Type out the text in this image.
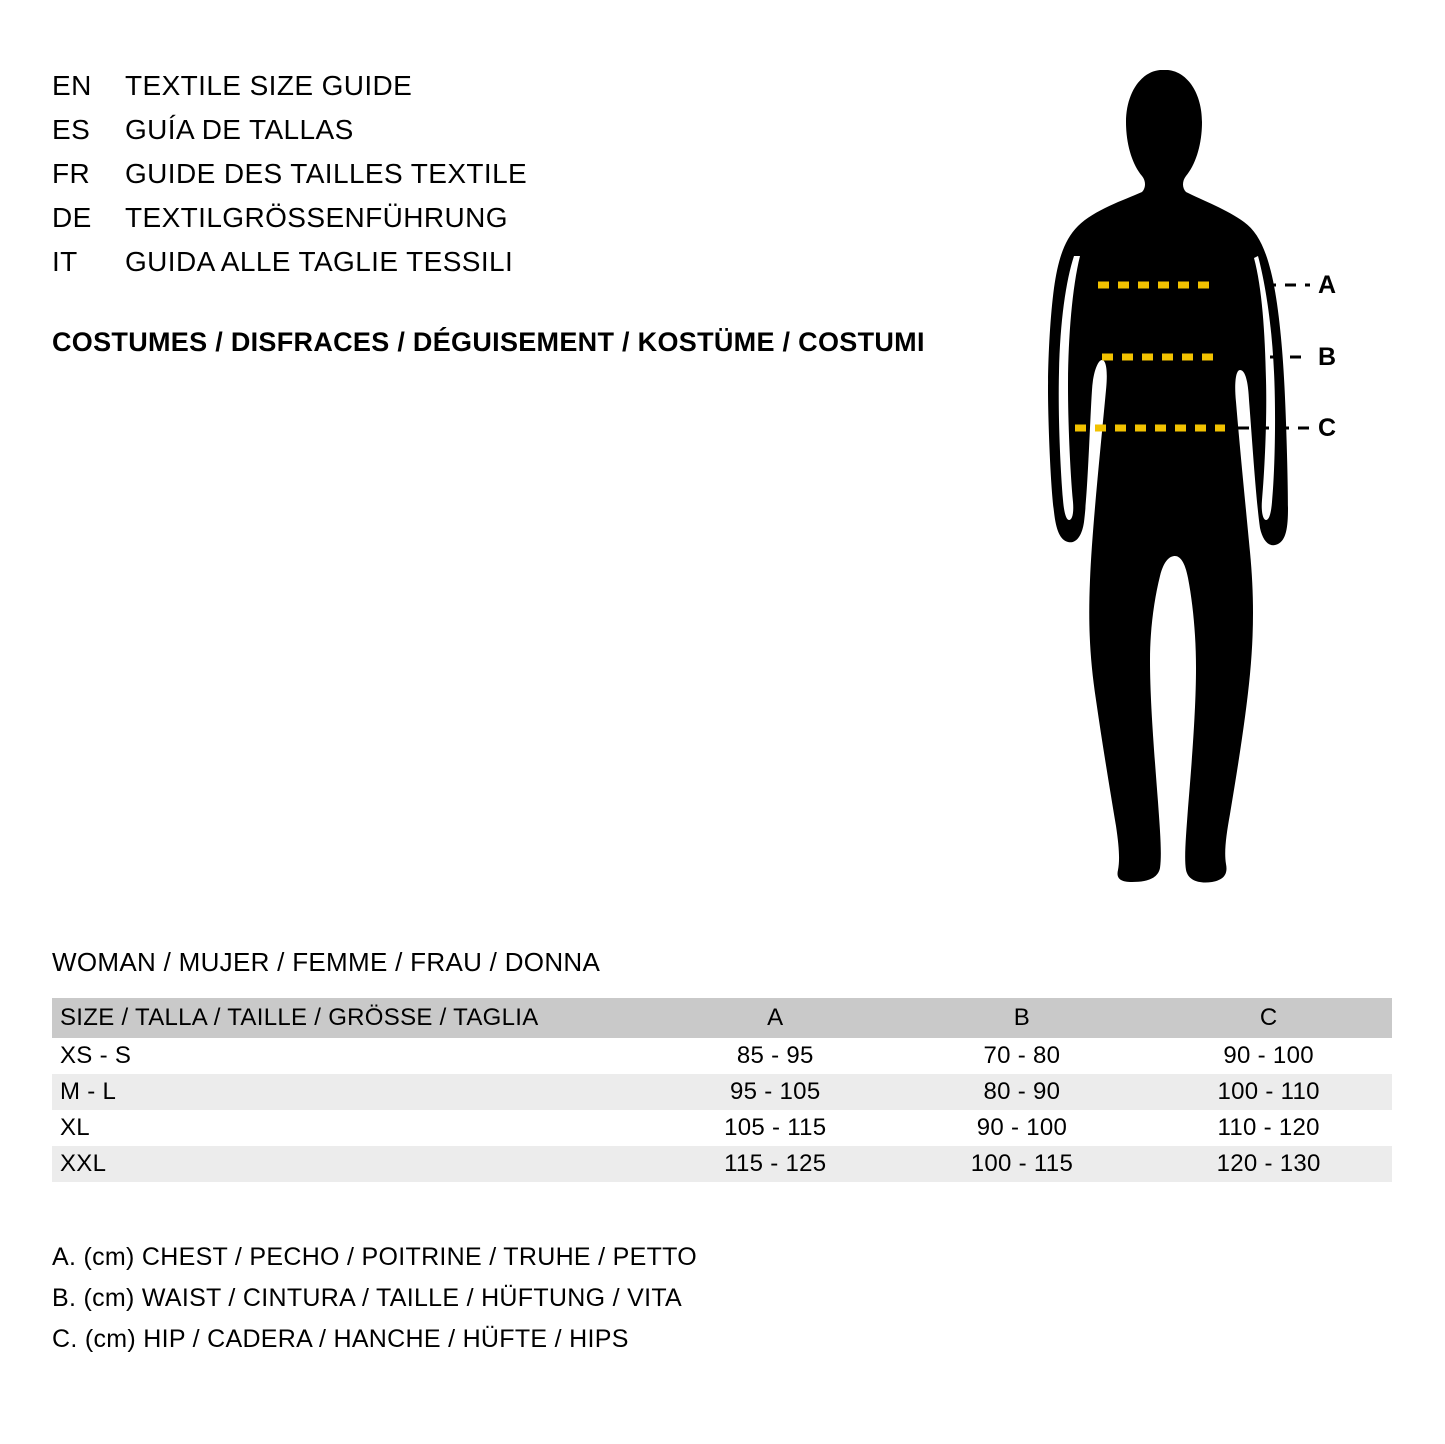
EN	TEXTILE SIZE GUIDE
ES	GUÍA DE TALLAS
FR	GUIDE DES TAILLES TEXTILE
DE	TEXTILGRÖSSENFÜHRUNG
IT	GUIDA ALLE TAGLIE TESSILI
COSTUMES / DISFRACES / DÉGUISEMENT / KOSTÜME / COSTUMI
A
B
C
WOMAN / MUJER / FEMME / FRAU / DONNA
SIZE / TALLA / TAILLE / GRÖSSE / TAGLIA	A	B	C
XS - S	85 - 95	70 - 80	90 - 100
M - L	95 - 105	80 - 90	100 - 110
XL	105 - 115	90 - 100	110 - 120
XXL	115 - 125	100 - 115	120 - 130
A. (cm) CHEST / PECHO / POITRINE / TRUHE / PETTO
B. (cm) WAIST / CINTURA / TAILLE / HÜFTUNG / VITA
C. (cm) HIP / CADERA / HANCHE / HÜFTE / HIPS
